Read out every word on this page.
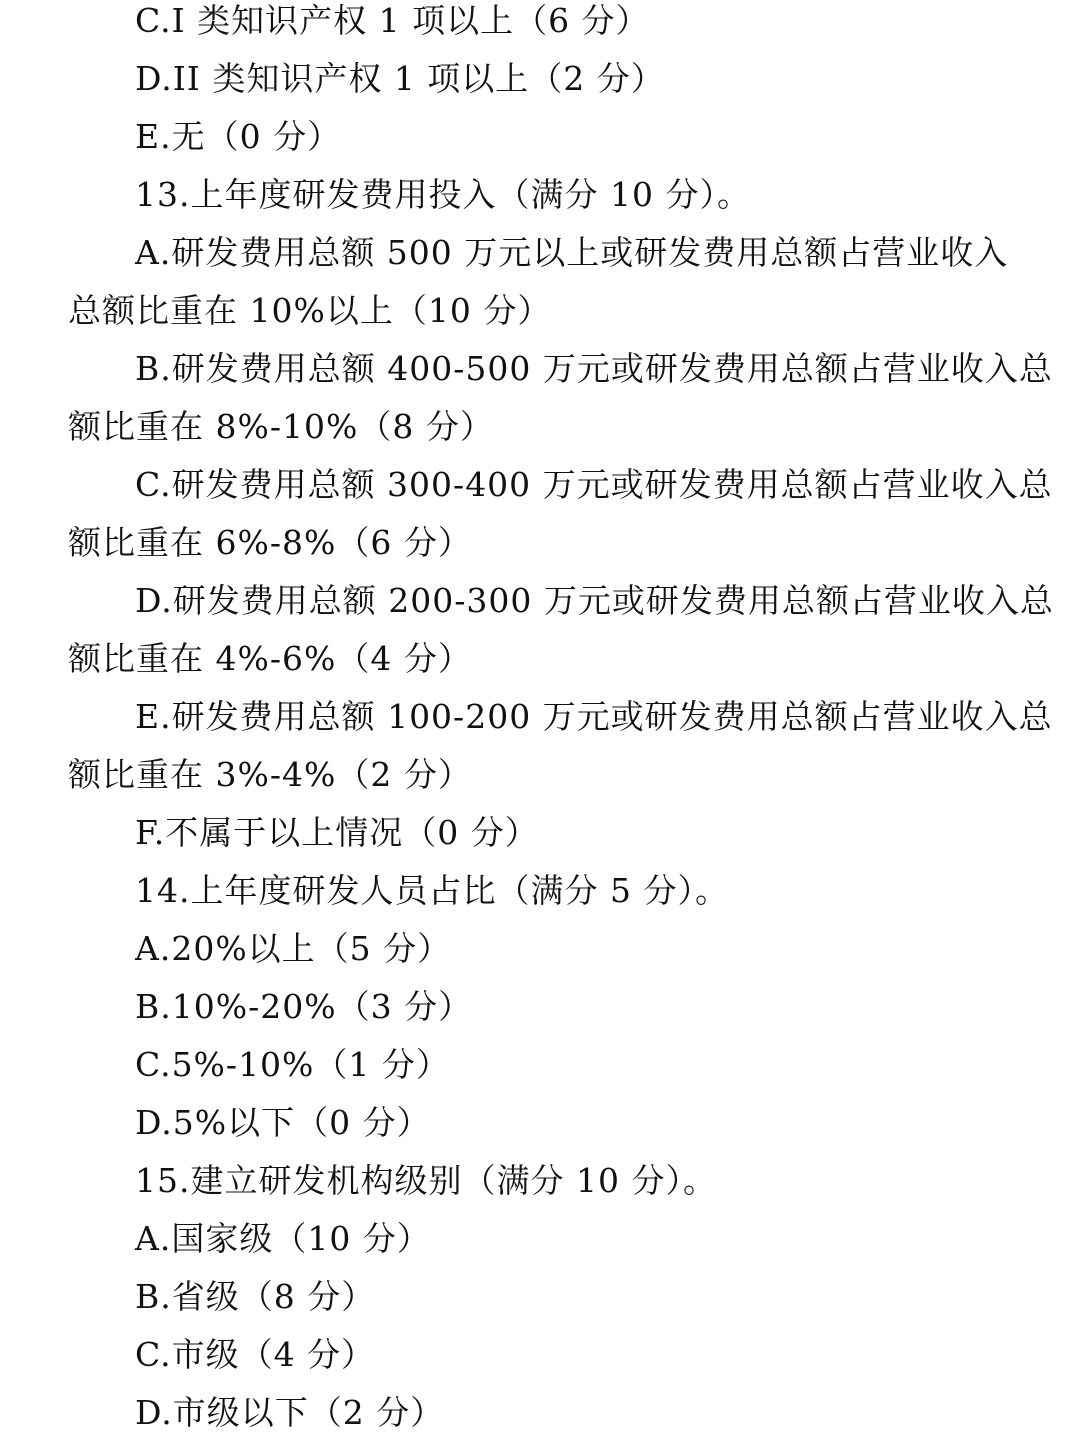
C.I 类知识产权 1 项以上（6 分）
D.II 类知识产权 1 项以上（2 分）
E.无（0 分）
13.上年度研发费用投入（满分 10 分）。
A.研发费用总额 500 万元以上或研发费用总额占营业收入
总额比重在 10%以上（10 分）
B.研发费用总额 400-500 万元或研发费用总额占营业收入总
额比重在 8%-10%（8 分）
C.研发费用总额 300-400 万元或研发费用总额占营业收入总
额比重在 6%-8%（6 分）
D.研发费用总额 200-300 万元或研发费用总额占营业收入总
额比重在 4%-6%（4 分）
E.研发费用总额 100-200 万元或研发费用总额占营业收入总
额比重在 3%-4%（2 分）
F.不属于以上情况（0 分）
14.上年度研发人员占比（满分 5 分）。
A.20%以上（5 分）
B.10%-20%（3 分）
C.5%-10%（1 分）
D.5%以下（0 分）
15.建立研发机构级别（满分 10 分）。
A.国家级（10 分）
B.省级（8 分）
C.市级（4 分）
D.市级以下（2 分）
